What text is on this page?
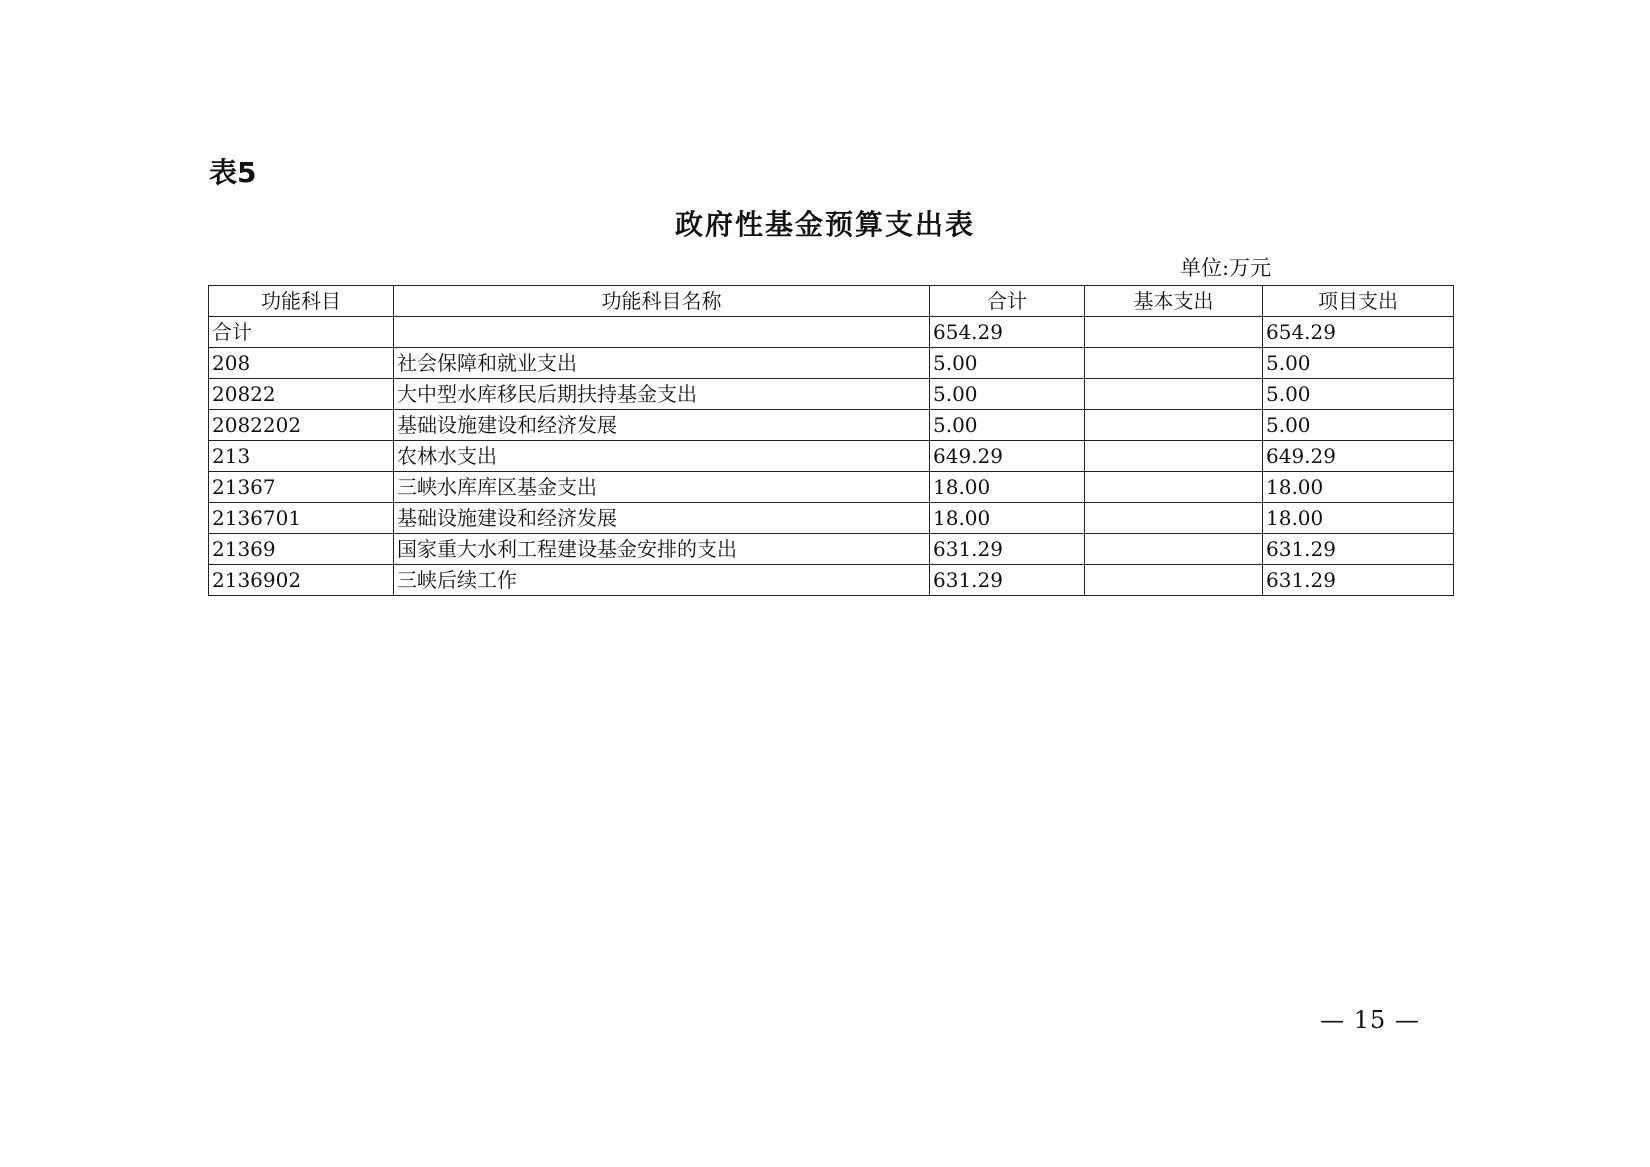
表5
政府性基金预算支出表
单位:万元
功能科目	功能科目名称	合计	基本支出	项目支出
合计		654.29		654.29
208	社会保障和就业支出	5.00		5.00
20822	大中型水库移民后期扶持基金支出	5.00		5.00
2082202	基础设施建设和经济发展	5.00		5.00
213	农林水支出	649.29		649.29
21367	三峡水库库区基金支出	18.00		18.00
2136701	基础设施建设和经济发展	18.00		18.00
21369	国家重大水利工程建设基金安排的支出	631.29		631.29
2136902	三峡后续工作	631.29		631.29
— 15 —
